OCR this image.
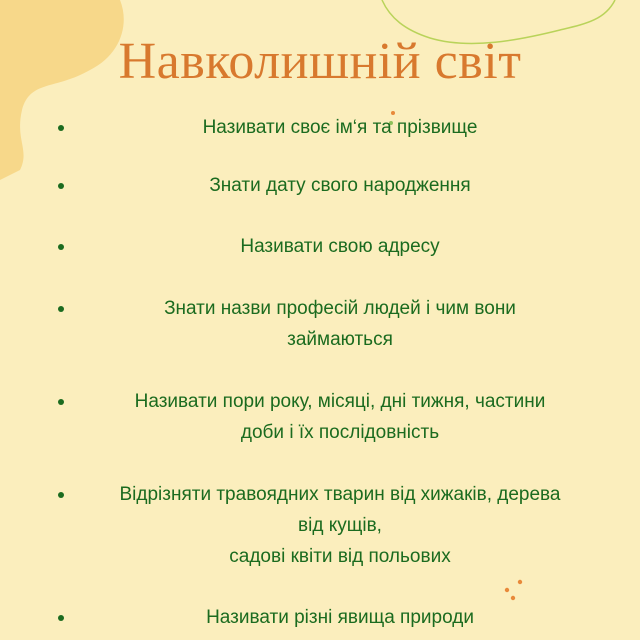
Навколишній світ
Називати своє ім‘я та прізвище
Знати дату свого народження
Називати свою адресу
Знати назви професій людей і чим вони
займаються
Називати пори року, місяці, дні тижня, частини
доби і їх послідовність
Відрізняти травоядних тварин від хижаків, дерева
від кущів,
садові квіти від польових
Називати різні явища природи
